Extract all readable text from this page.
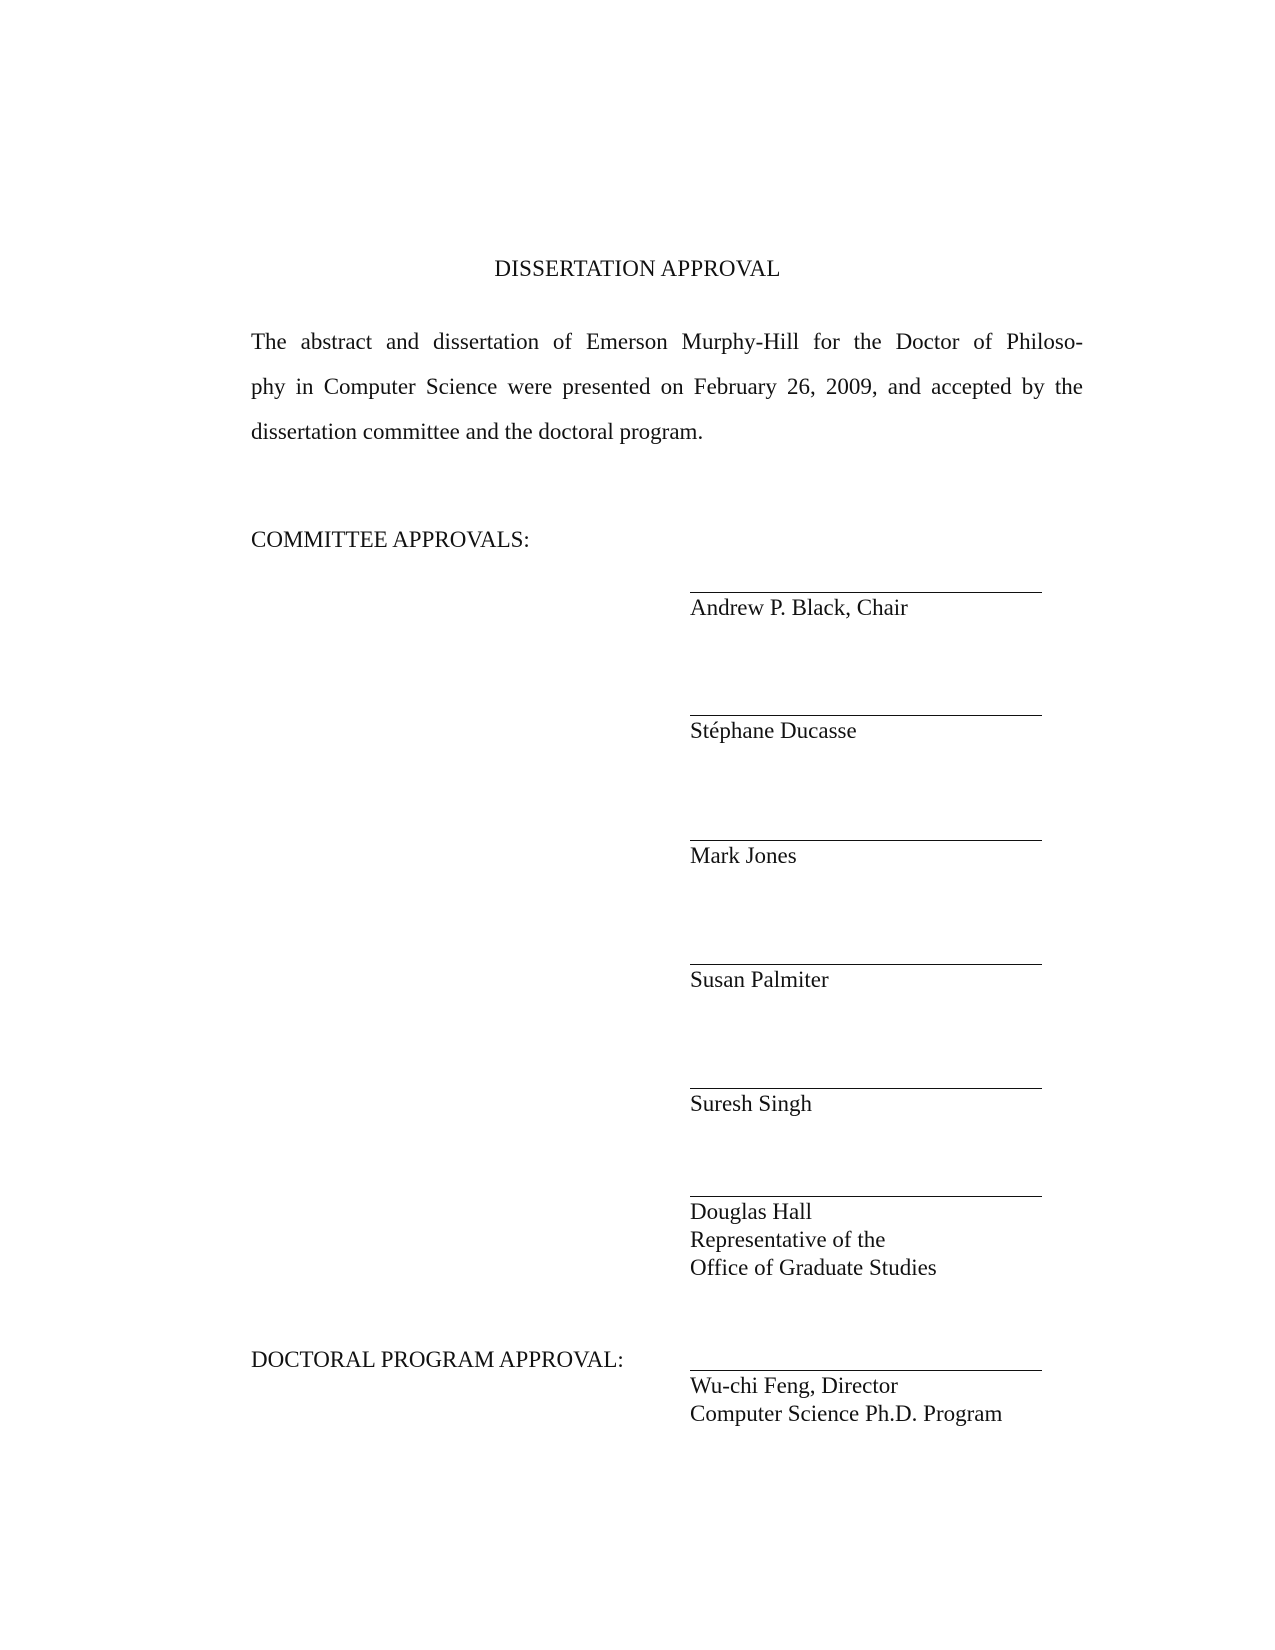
DISSERTATION APPROVAL
The abstract and dissertation of Emerson Murphy-Hill for the Doctor of Philoso-
phy in Computer Science were presented on February 26, 2009, and accepted by the
dissertation committee and the doctoral program.
COMMITTEE APPROVALS:
Andrew P. Black, Chair
Stéphane Ducasse
Mark Jones
Susan Palmiter
Suresh Singh
Douglas Hall
Representative of the
Office of Graduate Studies
DOCTORAL PROGRAM APPROVAL:
Wu-chi Feng, Director
Computer Science Ph.D. Program
